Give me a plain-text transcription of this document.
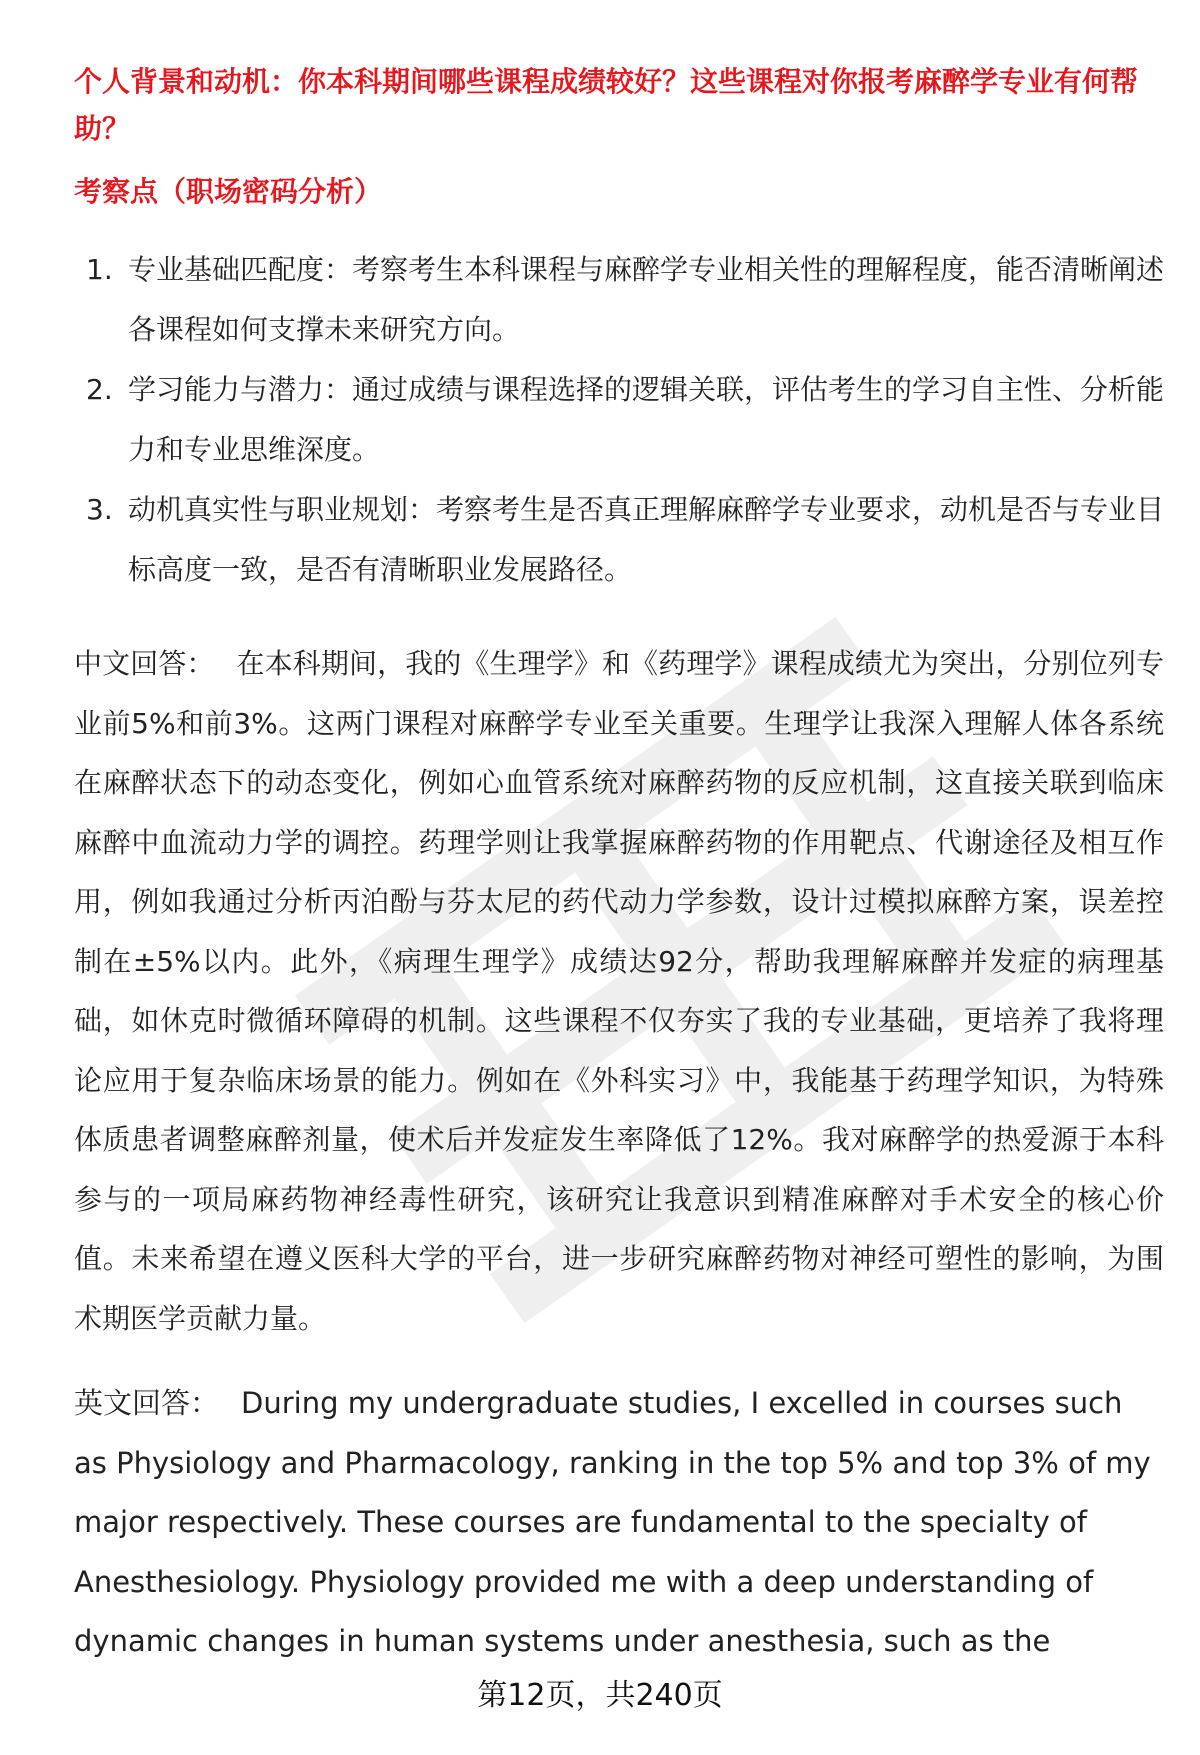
个人背景和动机：你本科期间哪些课程成绩较好？这些课程对你报考麻醉学专业有何帮助？

考察点（职场密码分析）

1. 专业基础匹配度：考察考生本科课程与麻醉学专业相关性的理解程度，能否清晰阐述各课程如何支撑未来研究方向。
2. 学习能力与潜力：通过成绩与课程选择的逻辑关联，评估考生的学习自主性、分析能力和专业思维深度。
3. 动机真实性与职业规划：考察考生是否真正理解麻醉学专业要求，动机是否与专业目标高度一致，是否有清晰职业发展路径。

中文回答： 在本科期间，我的《生理学》和《药理学》课程成绩尤为突出，分别位列专业前5%和前3%。这两门课程对麻醉学专业至关重要。生理学让我深入理解人体各系统在麻醉状态下的动态变化，例如心血管系统对麻醉药物的反应机制，这直接关联到临床麻醉中血流动力学的调控。药理学则让我掌握麻醉药物的作用靶点、代谢途径及相互作用，例如我通过分析丙泊酚与芬太尼的药代动力学参数，设计过模拟麻醉方案，误差控制在±5%以内。此外，《病理生理学》成绩达92分，帮助我理解麻醉并发症的病理基础，如休克时微循环障碍的机制。这些课程不仅夯实了我的专业基础，更培养了我将理论应用于复杂临床场景的能力。例如在《外科实习》中，我能基于药理学知识，为特殊体质患者调整麻醉剂量，使术后并发症发生率降低了12%。我对麻醉学的热爱源于本科参与的一项局麻药物神经毒性研究，该研究让我意识到精准麻醉对手术安全的核心价值。未来希望在遵义医科大学的平台，进一步研究麻醉药物对神经可塑性的影响，为围术期医学贡献力量。

英文回答： During my undergraduate studies, I excelled in courses such as Physiology and Pharmacology, ranking in the top 5% and top 3% of my major respectively. These courses are fundamental to the specialty of Anesthesiology. Physiology provided me with a deep understanding of dynamic changes in human systems under anesthesia, such as the

第12页，共240页
